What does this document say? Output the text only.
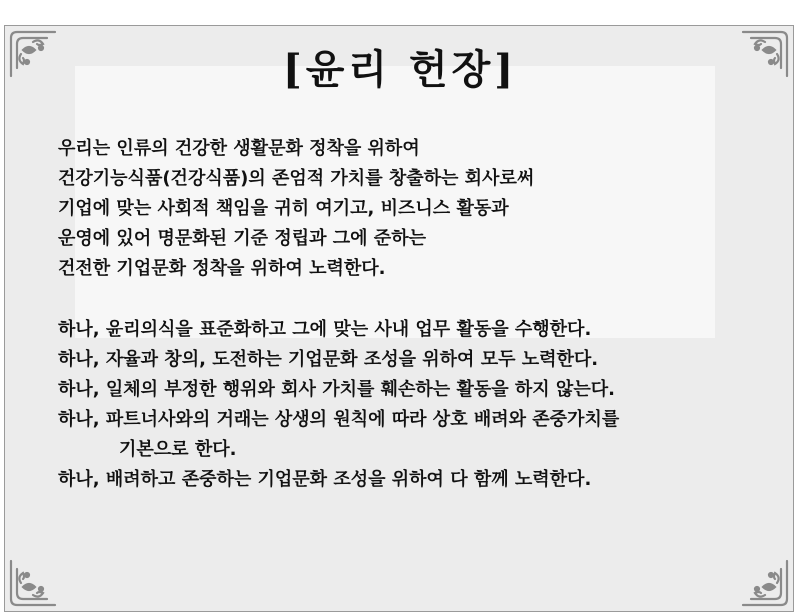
[윤리 헌장]
우리는 인류의 건강한 생활문화 정착을 위하여
건강기능식품(건강식품)의 존엄적 가치를 창출하는 회사로써
기업에 맞는 사회적 책임을 귀히 여기고, 비즈니스 활동과
운영에 있어 명문화된 기준 정립과 그에 준하는
건전한 기업문화 정착을 위하여 노력한다.
하나, 윤리의식을 표준화하고 그에 맞는 사내 업무 활동을 수행한다.
하나, 자율과 창의, 도전하는 기업문화 조성을 위하여 모두 노력한다.
하나, 일체의 부정한 행위와 회사 가치를 훼손하는 활동을 하지 않는다.
하나, 파트너사와의 거래는 상생의 원칙에 따라 상호 배려와 존중가치를
기본으로 한다.
하나, 배려하고 존중하는 기업문화 조성을 위하여 다 함께 노력한다.
